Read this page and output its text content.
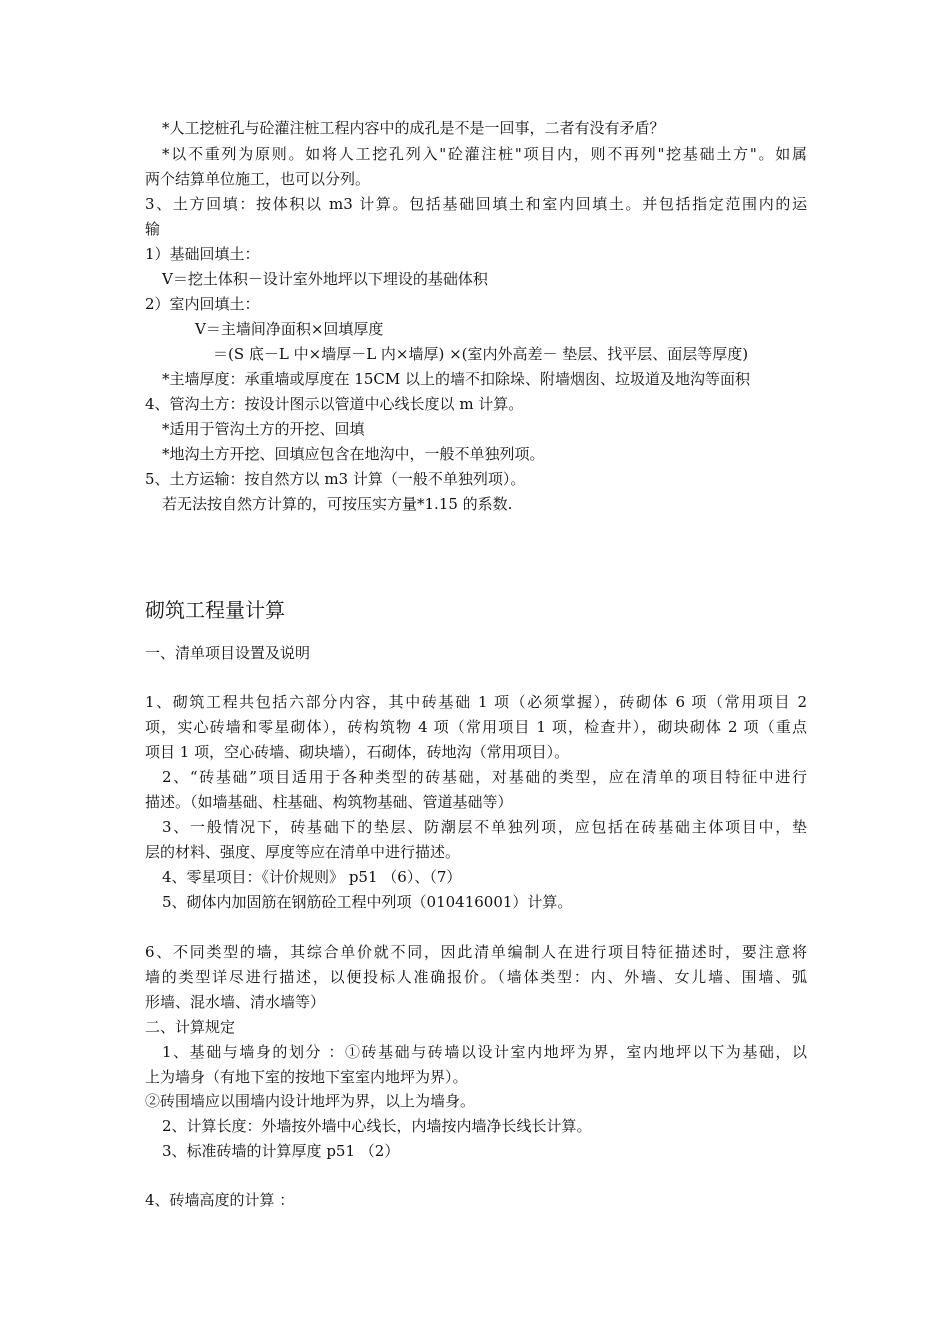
*人工挖桩孔与砼灌注桩工程内容中的成孔是不是一回事，二者有没有矛盾？
*以不重列为原则。如将人工挖孔列入"砼灌注桩"项目内，则不再列"挖基础土方"。如属
两个结算单位施工，也可以分列。
3、土方回填：按体积以 m3 计算。包括基础回填土和室内回填土。并包括指定范围内的运
输
1）基础回填土：
V＝挖土体积－设计室外地坪以下埋设的基础体积
2）室内回填土：
V＝主墙间净面积×回填厚度
＝(S 底－L 中×墙厚－L 内×墙厚) ×(室内外高差－ 垫层、找平层、面层等厚度)
*主墙厚度：承重墙或厚度在 15CM 以上的墙不扣除垛、附墙烟囱、垃圾道及地沟等面积
4、管沟土方：按设计图示以管道中心线长度以 m 计算。
*适用于管沟土方的开挖、回填
*地沟土方开挖、回填应包含在地沟中，一般不单独列项。
5、土方运输：按自然方以 m3 计算（一般不单独列项）。
若无法按自然方计算的，可按压实方量*1.15 的系数.
砌筑工程量计算
一、清单项目设置及说明
1、砌筑工程共包括六部分内容，其中砖基础 1 项（必须掌握），砖砌体 6 项（常用项目 2
项，实心砖墙和零星砌体），砖构筑物 4 项（常用项目 1 项，检查井），砌块砌体 2 项（重点
项目 1 项，空心砖墙、砌块墙），石砌体，砖地沟（常用项目）。
2、“砖基础”项目适用于各种类型的砖基础，对基础的类型，应在清单的项目特征中进行
描述。（如墙基础、柱基础、构筑物基础、管道基础等）
3、一般情况下，砖基础下的垫层、防潮层不单独列项，应包括在砖基础主体项目中，垫
层的材料、强度、厚度等应在清单中进行描述。
4、零星项目：《计价规则》 p51 （6）、（7）
5、砌体内加固筋在钢筋砼工程中列项（010416001）计算。
6、不同类型的墙，其综合单价就不同，因此清单编制人在进行项目特征描述时，要注意将
墙的类型详尽进行描述，以便投标人准确报价。（墙体类型：内、外墙、女儿墙、围墙、弧
形墙、混水墙、清水墙等）
二、计算规定
1、基础与墙身的划分 ：①砖基础与砖墙以设计室内地坪为界，室内地坪以下为基础，以
上为墙身（有地下室的按地下室室内地坪为界）。
②砖围墙应以围墙内设计地坪为界，以上为墙身。
2、计算长度：外墙按外墙中心线长，内墙按内墙净长线长计算。
3、标准砖墙的计算厚度 p51 （2）
4、砖墙高度的计算 ：
